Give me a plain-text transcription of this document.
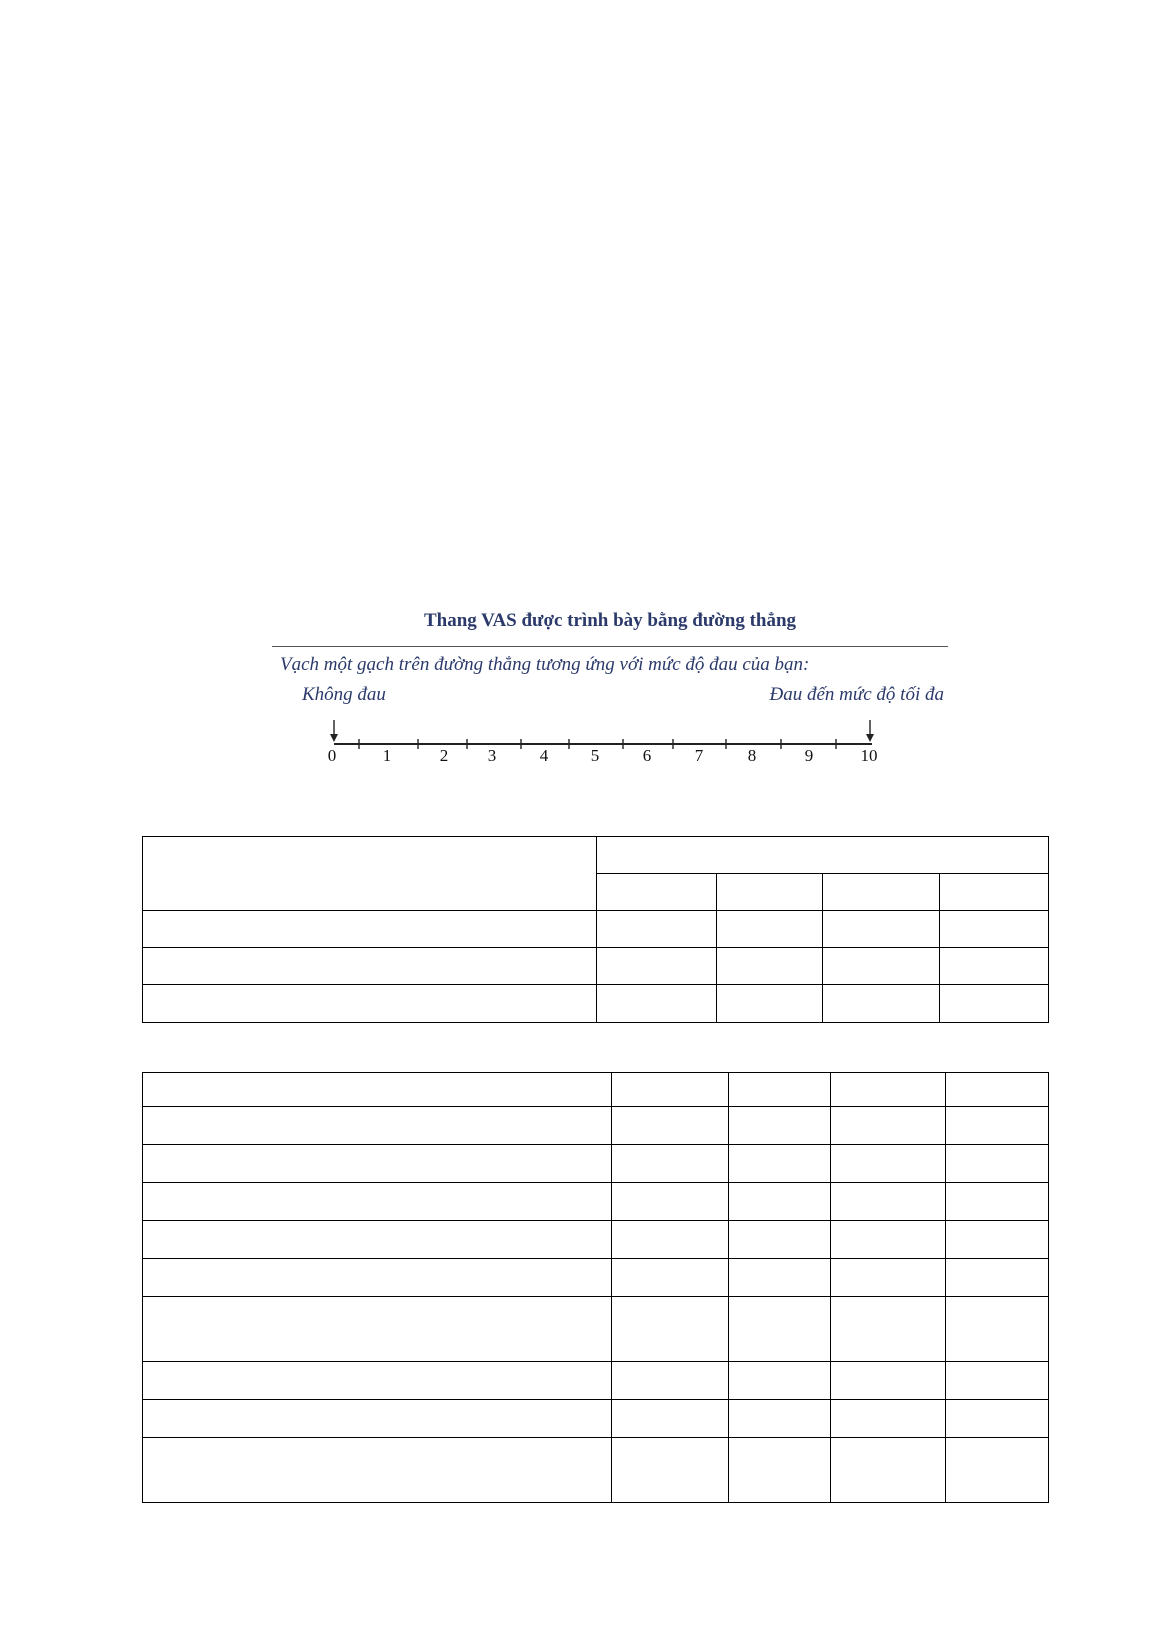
Thang VAS được trình bày bằng đường thẳng
Vạch một gạch trên đường thẳng tương ứng với mức độ đau của bạn:
Không đau	Đau đến mức độ tối đa
0	1	2	3	4	5	6	7	8	9	10
